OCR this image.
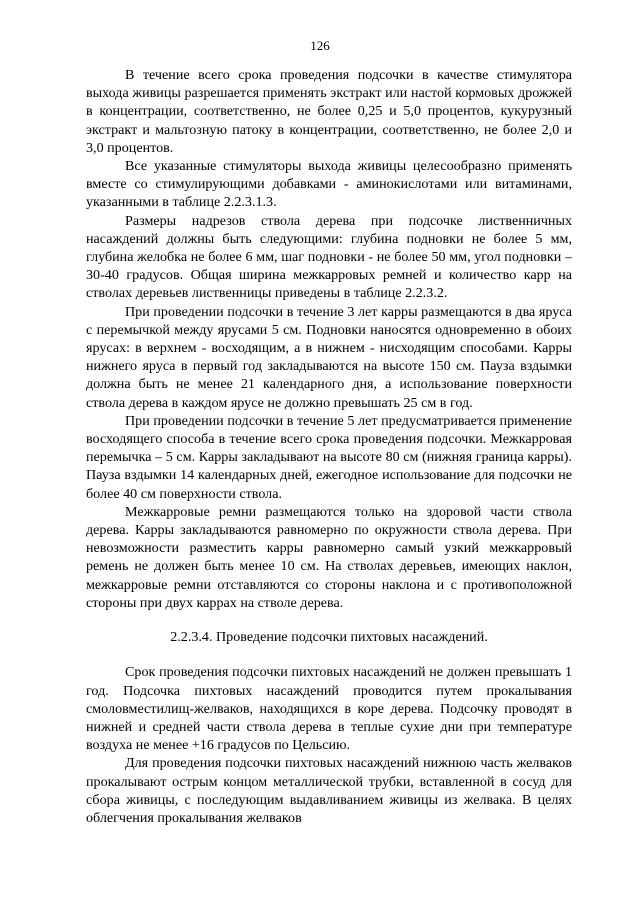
126

В течение всего срока проведения подсочки в качестве стимулятора выхода живицы разрешается применять экстракт или настой кормовых дрожжей в концентрации, соответственно, не более 0,25 и 5,0 процентов, кукурузный экстракт и мальтозную патоку в концентрации, соответственно, не более 2,0 и 3,0 процентов.

Все указанные стимуляторы выхода живицы целесообразно применять вместе со стимулирующими добавками - аминокислотами или витаминами, указанными в таблице 2.2.3.1.3.

Размеры надрезов ствола дерева при подсочке лиственничных насаждений должны быть следующими: глубина подновки не более 5 мм, глубина желобка не более 6 мм, шаг подновки - не более 50 мм, угол подновки – 30-40 градусов. Общая ширина межкарровых ремней и количество карр на стволах деревьев лиственницы приведены в таблице 2.2.3.2.

При проведении подсочки в течение 3 лет карры размещаются в два яруса с перемычкой между ярусами 5 см. Подновки наносятся одновременно в обоих ярусах: в верхнем - восходящим, а в нижнем - нисходящим способами. Карры нижнего яруса в первый год закладываются на высоте 150 см. Пауза вздымки должна быть не менее 21 календарного дня, а использование поверхности ствола дерева в каждом ярусе не должно превышать 25 см в год.

При проведении подсочки в течение 5 лет предусматривается применение восходящего способа в течение всего срока проведения подсочки. Межкарровая перемычка – 5 см. Карры закладывают на высоте 80 см (нижняя граница карры). Пауза вздымки 14 календарных дней, ежегодное использование для подсочки не более 40 см поверхности ствола.

Межкарровые ремни размещаются только на здоровой части ствола дерева. Карры закладываются равномерно по окружности ствола дерева. При невозможности разместить карры равномерно самый узкий межкарровый ремень не должен быть менее 10 см. На стволах деревьев, имеющих наклон, межкарровые ремни отставляются со стороны наклона и с противоположной стороны при двух каррах на стволе дерева.

2.2.3.4. Проведение подсочки пихтовых насаждений.

Срок проведения подсочки пихтовых насаждений не должен превышать 1 год. Подсочка пихтовых насаждений проводится путем прокалывания смоловместилищ-желваков, находящихся в коре дерева. Подсочку проводят в нижней и средней части ствола дерева в теплые сухие дни при температуре воздуха не менее +16 градусов по Цельсию.

Для проведения подсочки пихтовых насаждений нижнюю часть желваков прокалывают острым концом металлической трубки, вставленной в сосуд для сбора живицы, с последующим выдавливанием живицы из желвака. В целях облегчения прокалывания желваков
